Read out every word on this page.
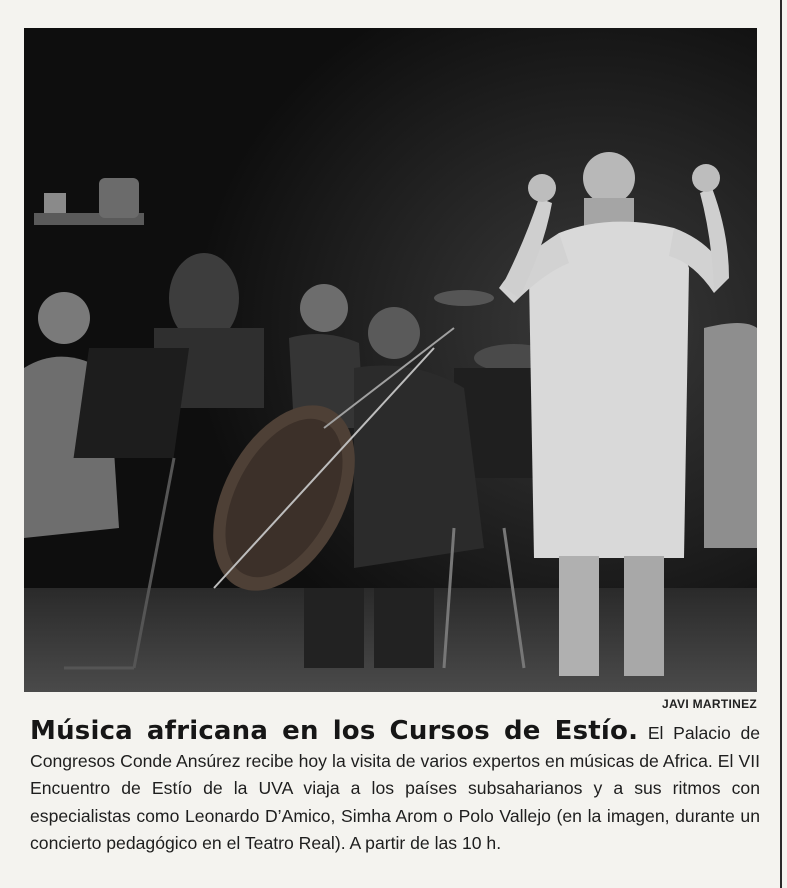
JAVI MARTINEZ
Música africana en los Cursos de Estío. El Palacio de Congresos Conde Ansúrez recibe hoy la visita de varios expertos en músicas de Africa. El VII Encuentro de Estío de la UVA viaja a los países subsaharianos y a sus ritmos con especialistas como Leonardo D’Amico, Simha Arom o Polo Vallejo (en la imagen, durante un concierto pedagógico en el Teatro Real). A partir de las 10 h.
